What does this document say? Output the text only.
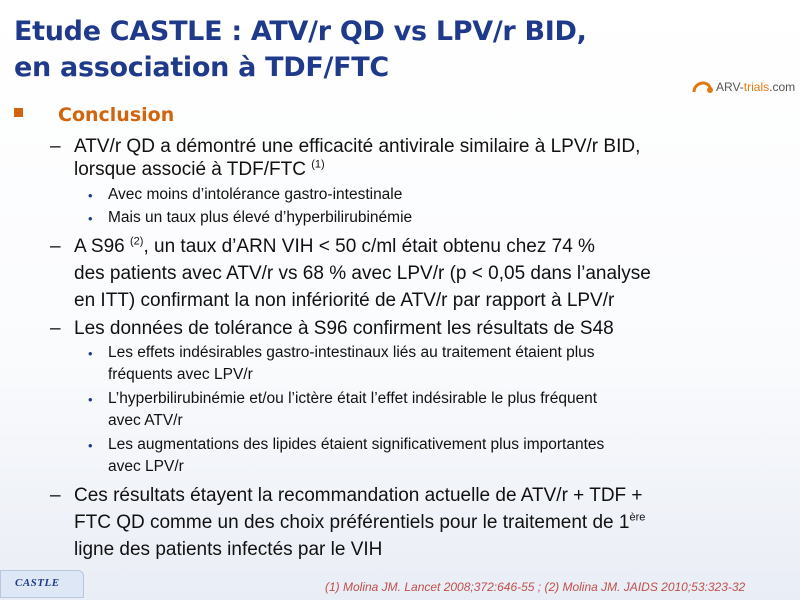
Etude CASTLE : ATV/r QD vs LPV/r BID,
en association à TDF/FTC
ARV-trials.com
Conclusion
– ATV/r QD a démontré une efficacité antivirale similaire à LPV/r BID,
lorsque associé à TDF/FTC $^{(1)}$
• Avec moins d’intolérance gastro-intestinale
• Mais un taux plus élevé d’hyperbilirubinémie
– A S96 $^{(2)}$, un taux d’ARN VIH < 50 c/ml était obtenu chez 74 %
des patients avec ATV/r vs 68 % avec LPV/r (p < 0,05 dans l’analyse
en ITT) confirmant la non infériorité de ATV/r par rapport à LPV/r
– Les données de tolérance à S96 confirment les résultats de S48
• Les effets indésirables gastro-intestinaux liés au traitement étaient plus
fréquents avec LPV/r
• L’hyperbilirubinémie et/ou l’ictère était l’effet indésirable le plus fréquent
avec ATV/r
• Les augmentations des lipides étaient significativement plus importantes
avec LPV/r
– Ces résultats étayent la recommandation actuelle de ATV/r + TDF +
FTC QD comme un des choix préférentiels pour le traitement de 1ère
ligne des patients infectés par le VIH
CASTLE	(1) Molina JM. Lancet 2008;372:646-55 ; (2) Molina JM. JAIDS 2010;53:323-32
